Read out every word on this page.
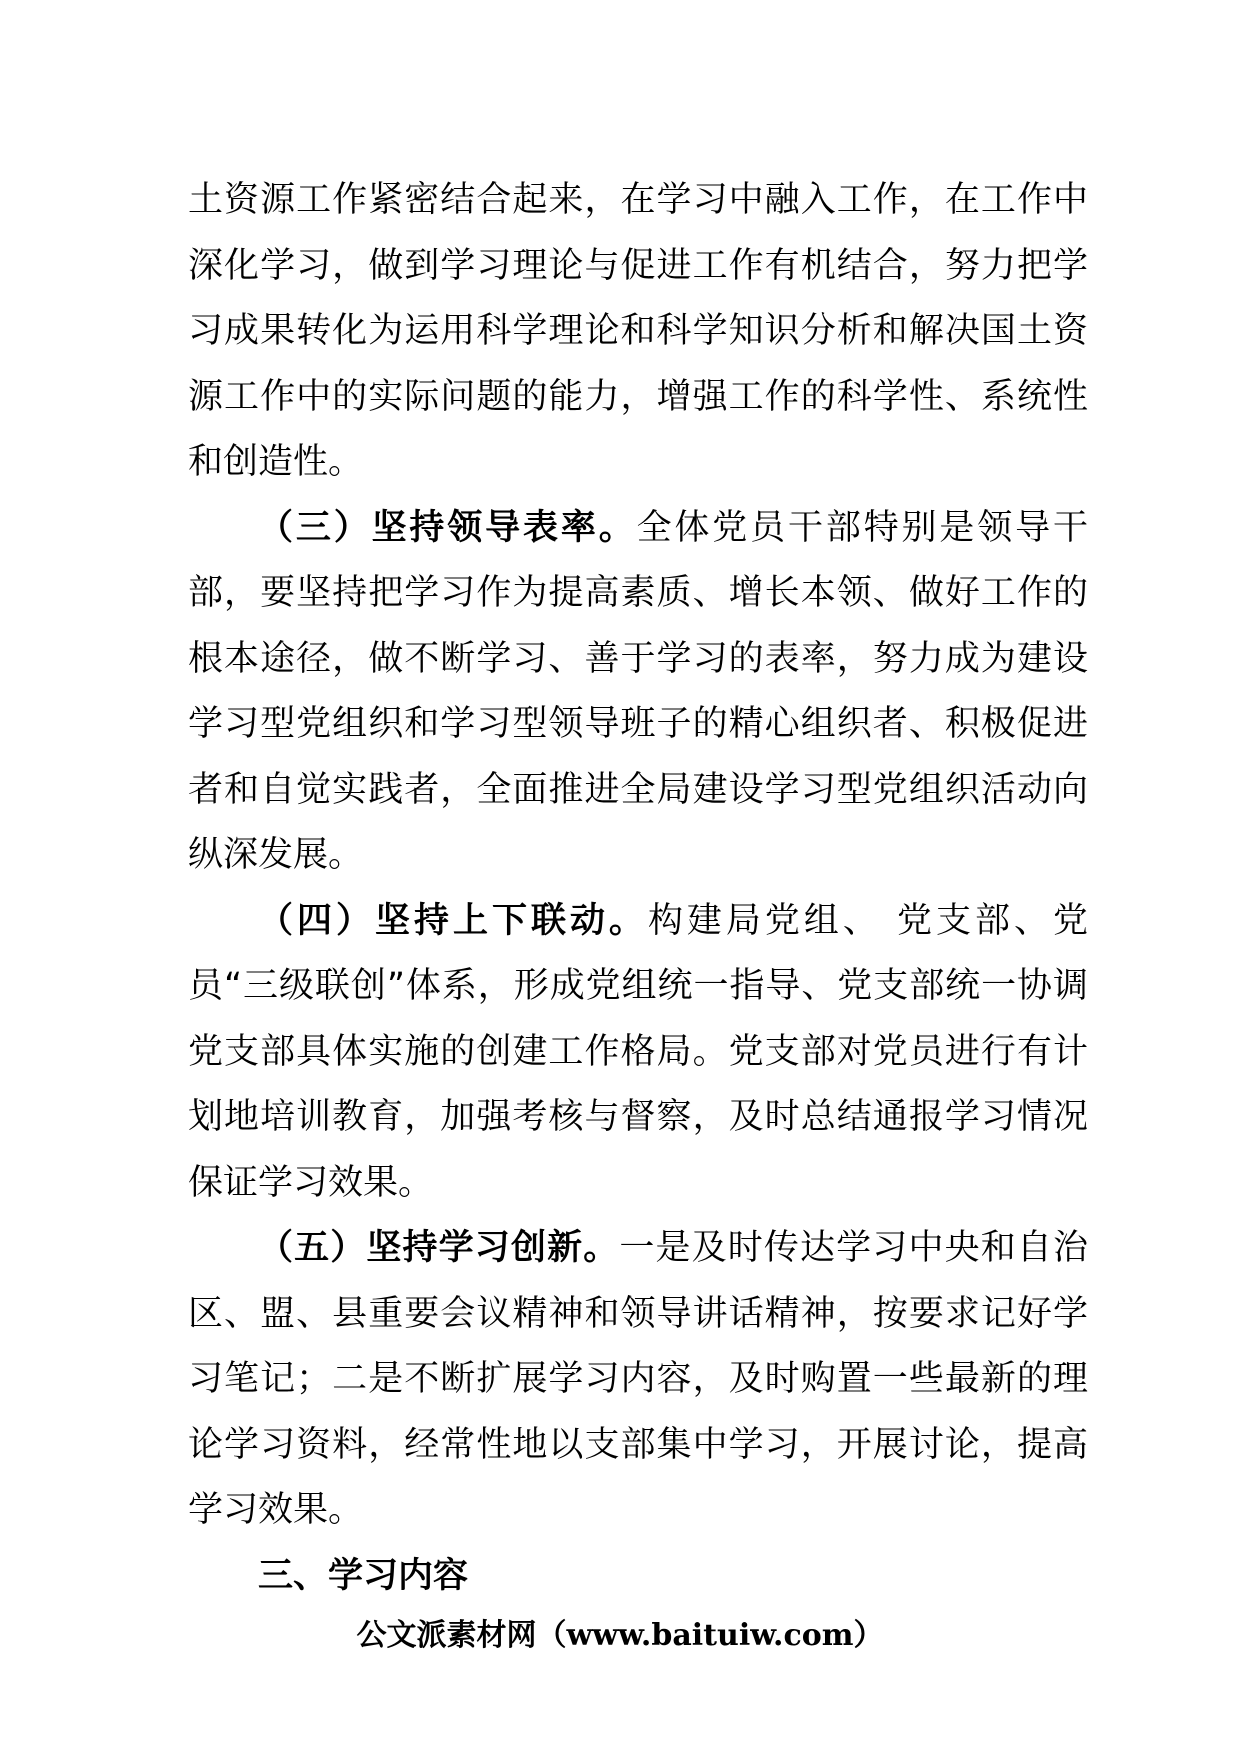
土资源工作紧密结合起来，在学习中融入工作，在工作中深化学习，做到学习理论与促进工作有机结合，努力把学习成果转化为运用科学理论和科学知识分析和解决国土资源工作中的实际问题的能力，增强工作的科学性、系统性和创造性。

（三）坚持领导表率。全体党员干部特别是领导干部，要坚持把学习作为提高素质、增长本领、做好工作的根本途径，做不断学习、善于学习的表率，努力成为建设学习型党组织和学习型领导班子的精心组织者、积极促进者和自觉实践者，全面推进全局建设学习型党组织活动向纵深发展。

（四）坚持上下联动。构建局党组、 党支部、党员“三级联创”体系，形成党组统一指导、党支部统一协调党支部具体实施的创建工作格局。党支部对党员进行有计划地培训教育，加强考核与督察，及时总结通报学习情况保证学习效果。

（五）坚持学习创新。一是及时传达学习中央和自治区、盟、县重要会议精神和领导讲话精神，按要求记好学习笔记；二是不断扩展学习内容，及时购置一些最新的理论学习资料，经常性地以支部集中学习，开展讨论，提高学习效果。

三、学习内容

公文派素材网（www.baituiw.com）
